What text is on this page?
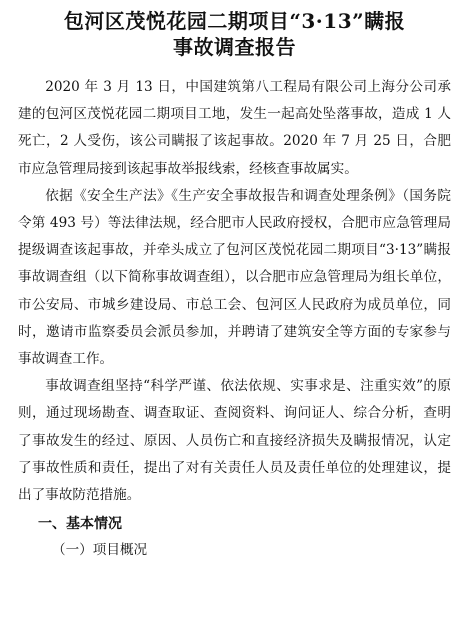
包河区茂悦花园二期项目“3·13”瞒报
事故调查报告

2020 年 3 月 13 日，中国建筑第八工程局有限公司上海分公司承建的包河区茂悦花园二期项目工地，发生一起高处坠落事故，造成 1 人死亡，2 人受伤，该公司瞒报了该起事故。2020 年 7 月 25 日，合肥市应急管理局接到该起事故举报线索，经核查事故属实。

依据《安全生产法》《生产安全事故报告和调查处理条例》（国务院令第 493 号）等法律法规，经合肥市人民政府授权，合肥市应急管理局提级调查该起事故，并牵头成立了包河区茂悦花园二期项目“3·13”瞒报事故调查组（以下简称事故调查组），以合肥市应急管理局为组长单位，市公安局、市城乡建设局、市总工会、包河区人民政府为成员单位，同时，邀请市监察委员会派员参加，并聘请了建筑安全等方面的专家参与事故调查工作。

事故调查组坚持“科学严谨、依法依规、实事求是、注重实效”的原则，通过现场勘查、调查取证、查阅资料、询问证人、综合分析，查明了事故发生的经过、原因、人员伤亡和直接经济损失及瞒报情况，认定了事故性质和责任，提出了对有关责任人员及责任单位的处理建议，提出了事故防范措施。

一、基本情况

（一）项目概况
